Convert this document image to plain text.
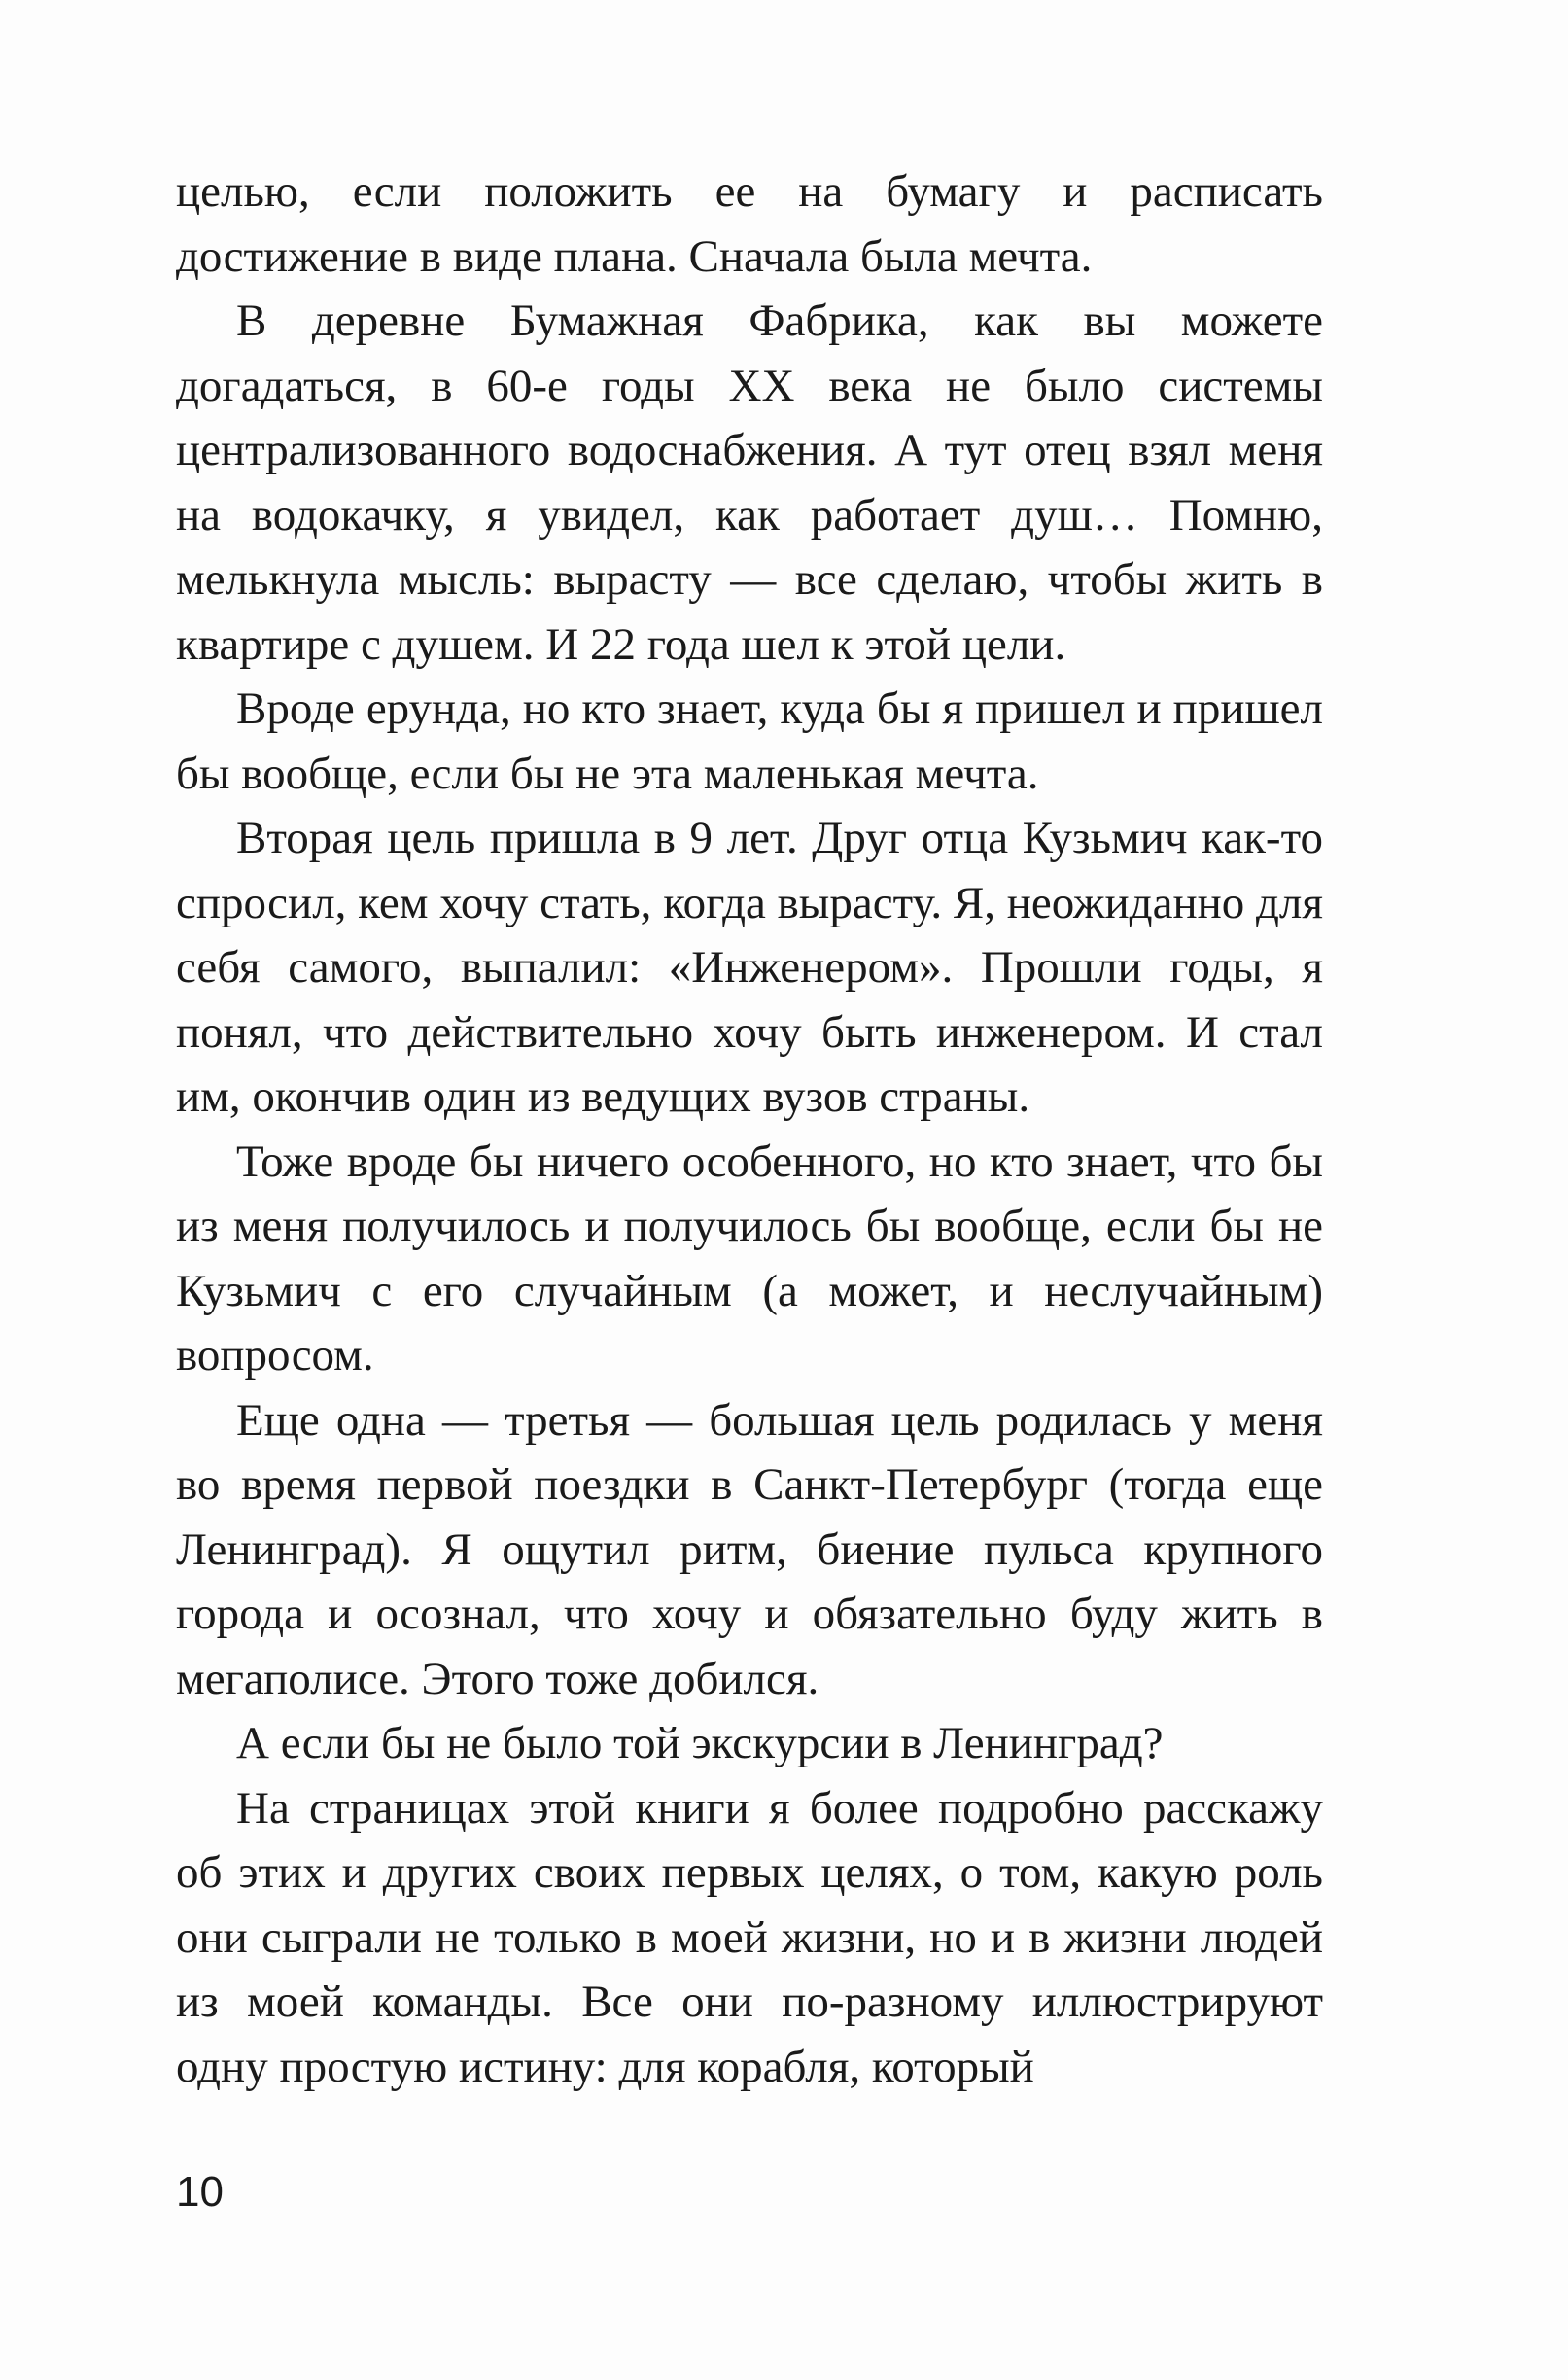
целью, если положить ее на бумагу и расписать достижение в виде плана. Сначала была мечта.

В деревне Бумажная Фабрика, как вы можете догадаться, в 60-е годы XX века не было системы централизованного водоснабжения. А тут отец взял меня на водокачку, я увидел, как работает душ… Помню, мелькнула мысль: вырасту — все сделаю, чтобы жить в квартире с душем. И 22 года шел к этой цели.

Вроде ерунда, но кто знает, куда бы я пришел и пришел бы вообще, если бы не эта маленькая мечта.

Вторая цель пришла в 9 лет. Друг отца Кузьмич как-то спросил, кем хочу стать, когда вырасту. Я, неожиданно для себя самого, выпалил: «Инженером». Прошли годы, я понял, что действительно хочу быть инженером. И стал им, окончив один из ведущих вузов страны.

Тоже вроде бы ничего особенного, но кто знает, что бы из меня получилось и получилось бы вообще, если бы не Кузьмич с его случайным (а может, и неслучайным) вопросом.

Еще одна — третья — большая цель родилась у меня во время первой поездки в Санкт-Петербург (тогда еще Ленинград). Я ощутил ритм, биение пульса крупного города и осознал, что хочу и обязательно буду жить в мегаполисе. Этого тоже добился.

А если бы не было той экскурсии в Ленинград?

На страницах этой книги я более подробно расскажу об этих и других своих первых целях, о том, какую роль они сыграли не только в моей жизни, но и в жизни людей из моей команды. Все они по-разному иллюстрируют одну простую истину: для корабля, который

10
